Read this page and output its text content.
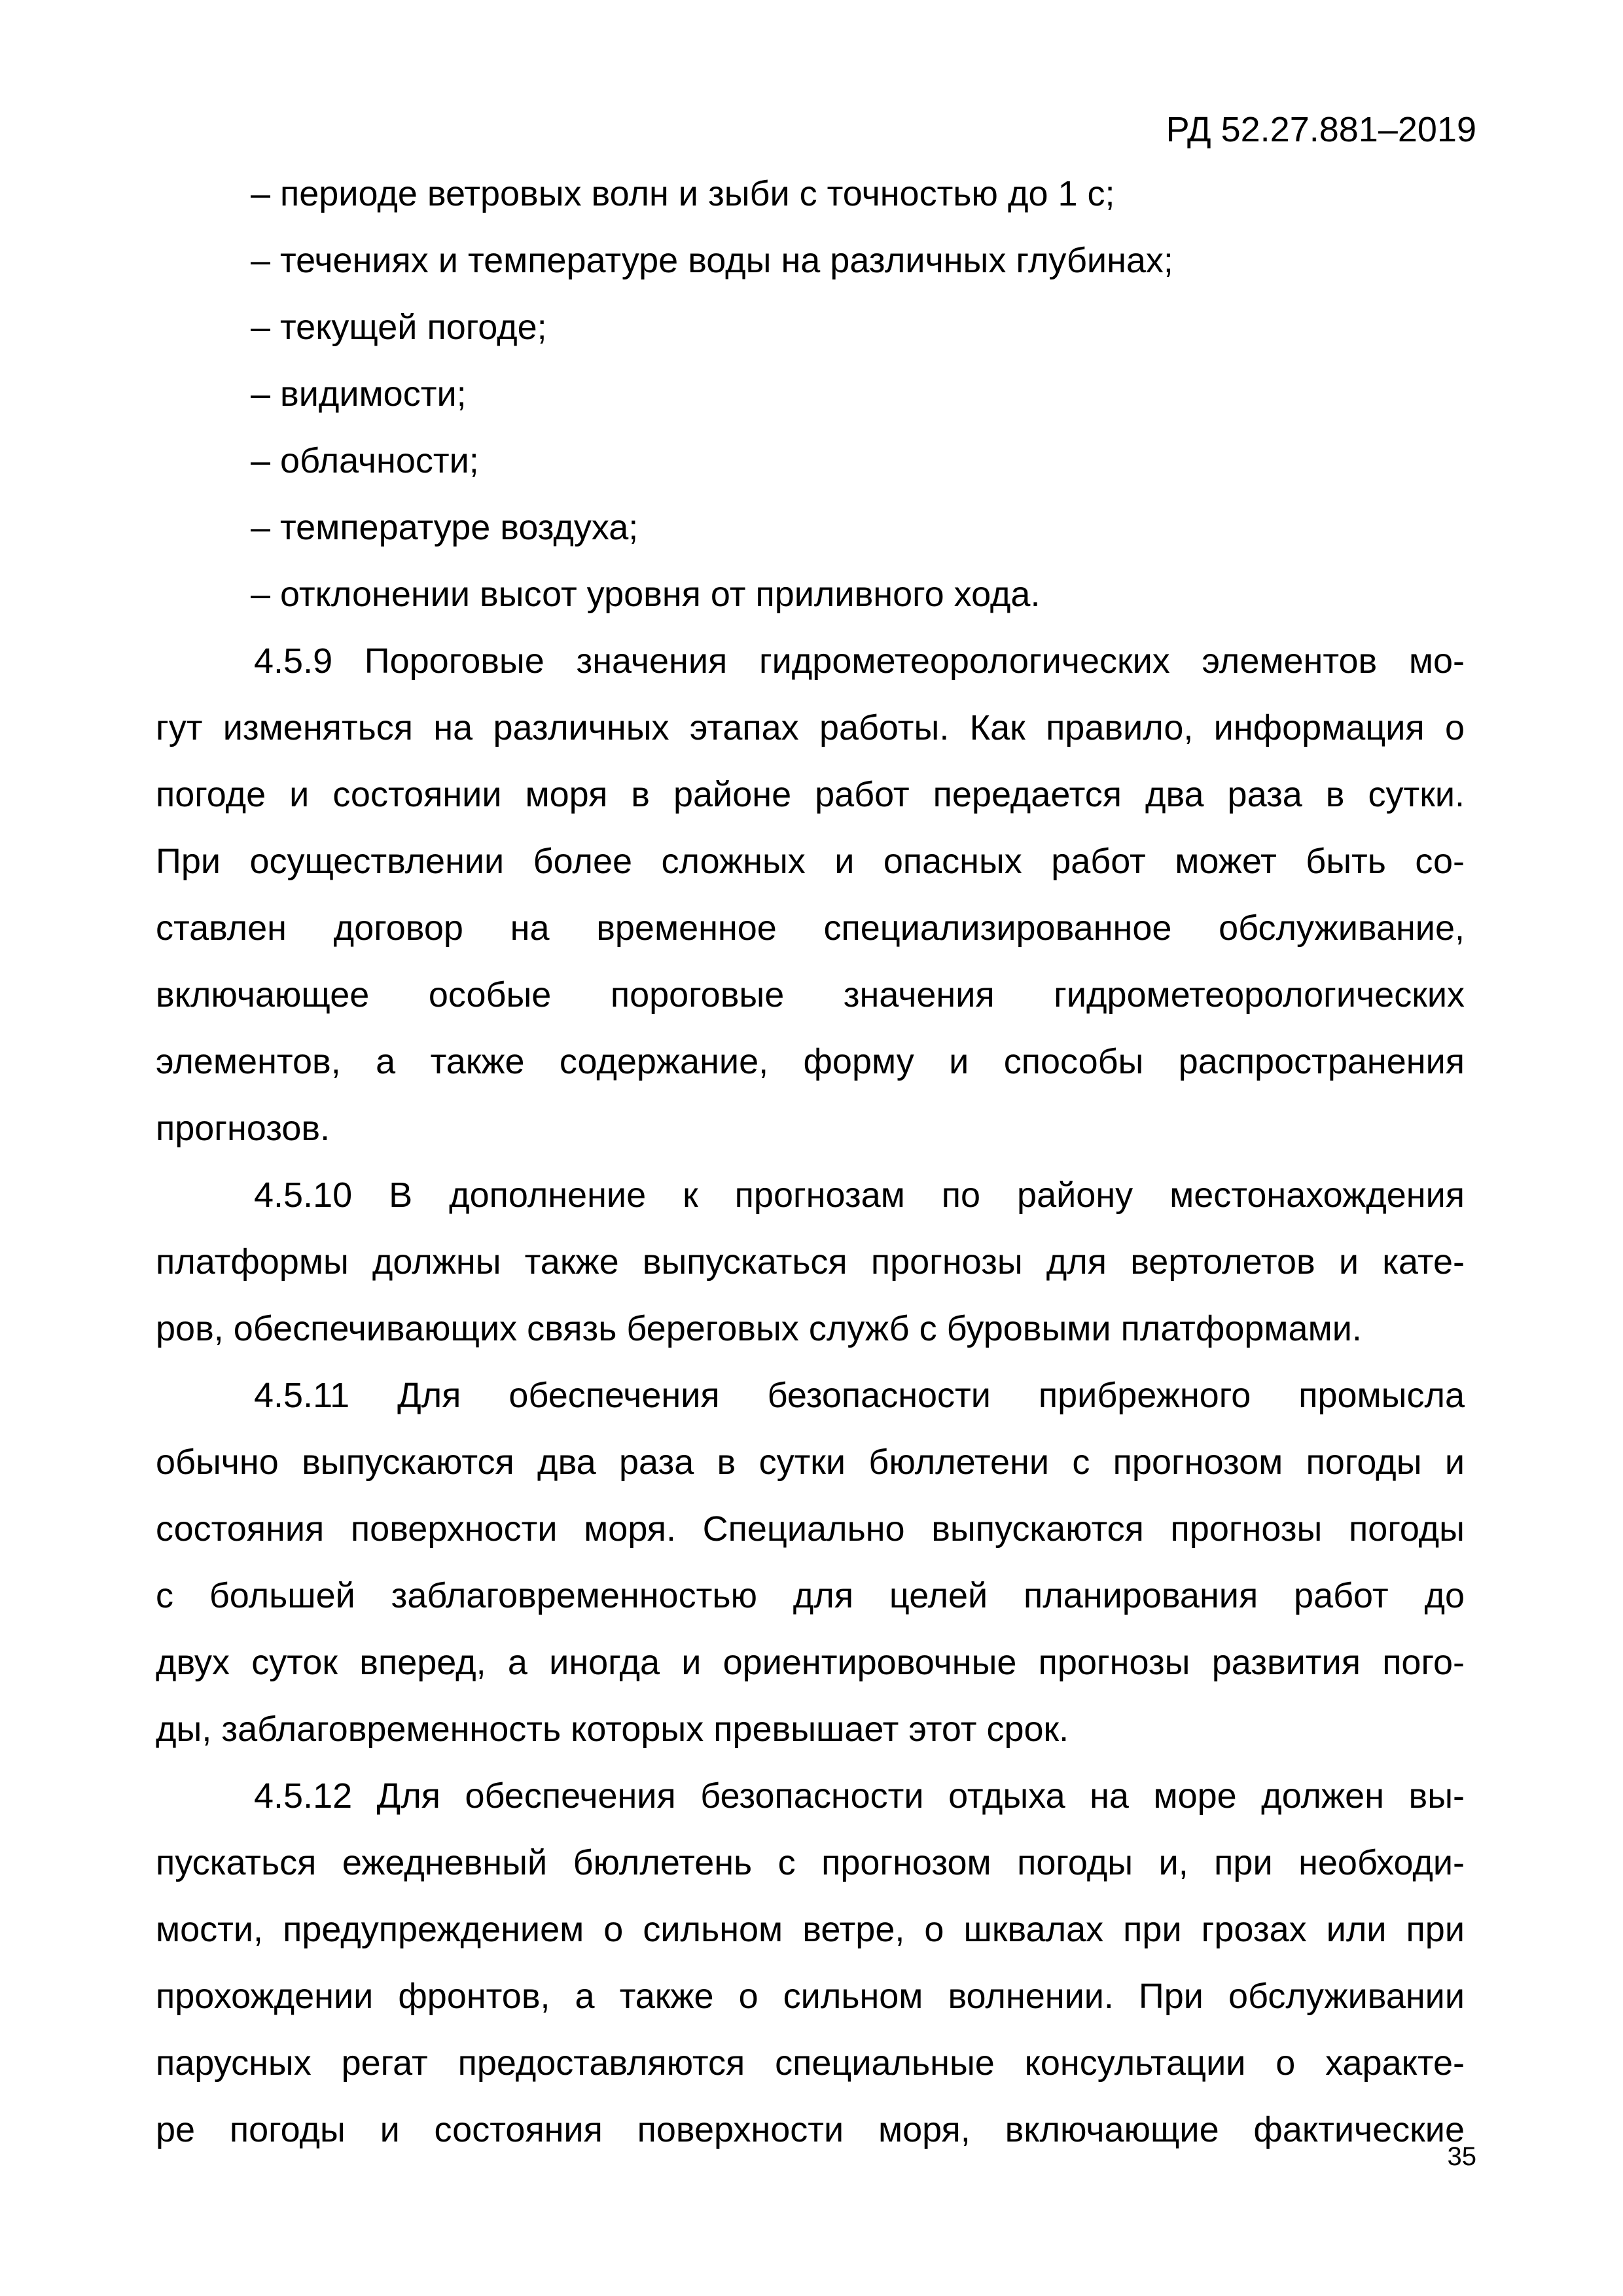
РД 52.27.881–2019
– периоде ветровых волн и зыби с точностью до 1 с;
– течениях и температуре воды на различных глубинах;
– текущей погоде;
– видимости;
– облачности;
– температуре воздуха;
– отклонении высот уровня от приливного хода.
4.5.9 Пороговые значения гидрометеорологических элементов мо-
гут изменяться на различных этапах работы. Как правило, информация о
погоде и состоянии моря в районе работ передается два раза в сутки.
При осуществлении более сложных и опасных работ может быть со-
ставлен договор на временное специализированное обслуживание,
включающее особые пороговые значения гидрометеорологических
элементов, а также содержание, форму и способы распространения
прогнозов.
4.5.10 В дополнение к прогнозам по району местонахождения
платформы должны также выпускаться прогнозы для вертолетов и кате-
ров, обеспечивающих связь береговых служб с буровыми платформами.
4.5.11 Для обеспечения безопасности прибрежного промысла
обычно выпускаются два раза в сутки бюллетени с прогнозом погоды и
состояния поверхности моря. Специально выпускаются прогнозы погоды
с большей заблаговременностью для целей планирования работ до
двух суток вперед, а иногда и ориентировочные прогнозы развития пого-
ды, заблаговременность которых превышает этот срок.
4.5.12 Для обеспечения безопасности отдыха на море должен вы-
пускаться ежедневный бюллетень с прогнозом погоды и, при необходи-
мости, предупреждением о сильном ветре, о шквалах при грозах или при
прохождении фронтов, а также о сильном волнении. При обслуживании
парусных регат предоставляются специальные консультации о характе-
ре погоды и состояния поверхности моря, включающие фактические
35
